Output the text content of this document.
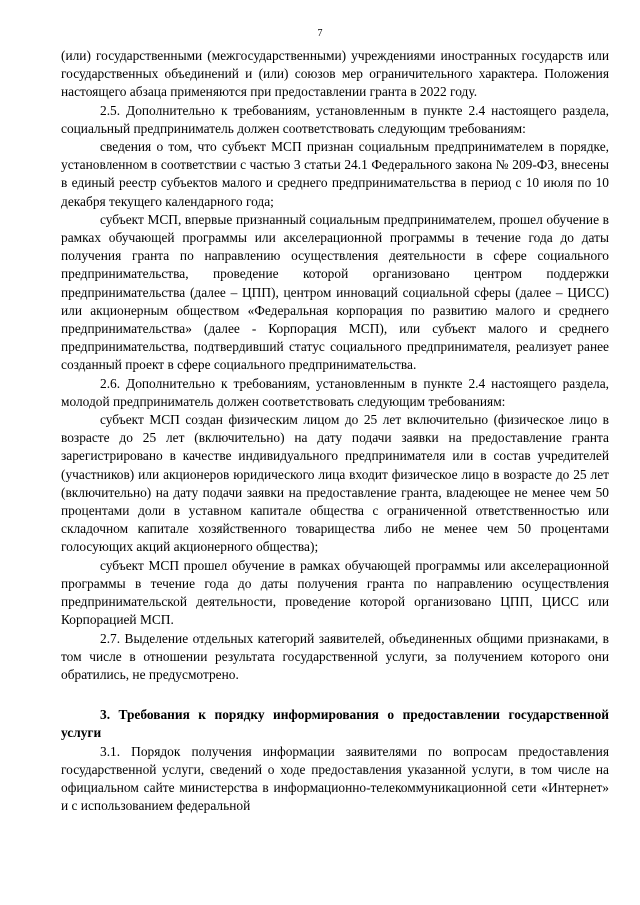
7

(или) государственными (межгосударственными) учреждениями иностранных государств или государственных объединений и (или) союзов мер ограничительного характера. Положения настоящего абзаца применяются при предоставлении гранта в 2022 году.

2.5. Дополнительно к требованиям, установленным в пункте 2.4 настоящего раздела, социальный предприниматель должен соответствовать следующим требованиям:

сведения о том, что субъект МСП признан социальным предпринимателем в порядке, установленном в соответствии с частью 3 статьи 24.1 Федерального закона № 209-ФЗ, внесены в единый реестр субъектов малого и среднего предпринимательства в период с 10 июля по 10 декабря текущего календарного года;

субъект МСП, впервые признанный социальным предпринимателем, прошел обучение в рамках обучающей программы или акселерационной программы в течение года до даты получения гранта по направлению осуществления деятельности в сфере социального предпринимательства, проведение которой организовано центром поддержки предпринимательства (далее – ЦПП), центром инноваций социальной сферы (далее – ЦИСС) или акционерным обществом «Федеральная корпорация по развитию малого и среднего предпринимательства» (далее - Корпорация МСП), или субъект малого и среднего предпринимательства, подтвердивший статус социального предпринимателя, реализует ранее созданный проект в сфере социального предпринимательства.

2.6. Дополнительно к требованиям, установленным в пункте 2.4 настоящего раздела, молодой предприниматель должен соответствовать следующим требованиям:

субъект МСП создан физическим лицом до 25 лет включительно (физическое лицо в возрасте до 25 лет (включительно) на дату подачи заявки на предоставление гранта зарегистрировано в качестве индивидуального предпринимателя или в состав учредителей (участников) или акционеров юридического лица входит физическое лицо в возрасте до 25 лет (включительно) на дату подачи заявки на предоставление гранта, владеющее не менее чем 50 процентами доли в уставном капитале общества с ограниченной ответственностью или складочном капитале хозяйственного товарищества либо не менее чем 50 процентами голосующих акций акционерного общества);

субъект МСП прошел обучение в рамках обучающей программы или акселерационной программы в течение года до даты получения гранта по направлению осуществления предпринимательской деятельности, проведение которой организовано ЦПП, ЦИСС или Корпорацией МСП.

2.7. Выделение отдельных категорий заявителей, объединенных общими признаками, в том числе в отношении результата государственной услуги, за получением которого они обратились, не предусмотрено.

3. Требования к порядку информирования о предоставлении государственной услуги

3.1. Порядок получения информации заявителями по вопросам предоставления государственной услуги, сведений о ходе предоставления указанной услуги, в том числе на официальном сайте министерства в информационно-телекоммуникационной сети «Интернет» и с использованием федеральной
